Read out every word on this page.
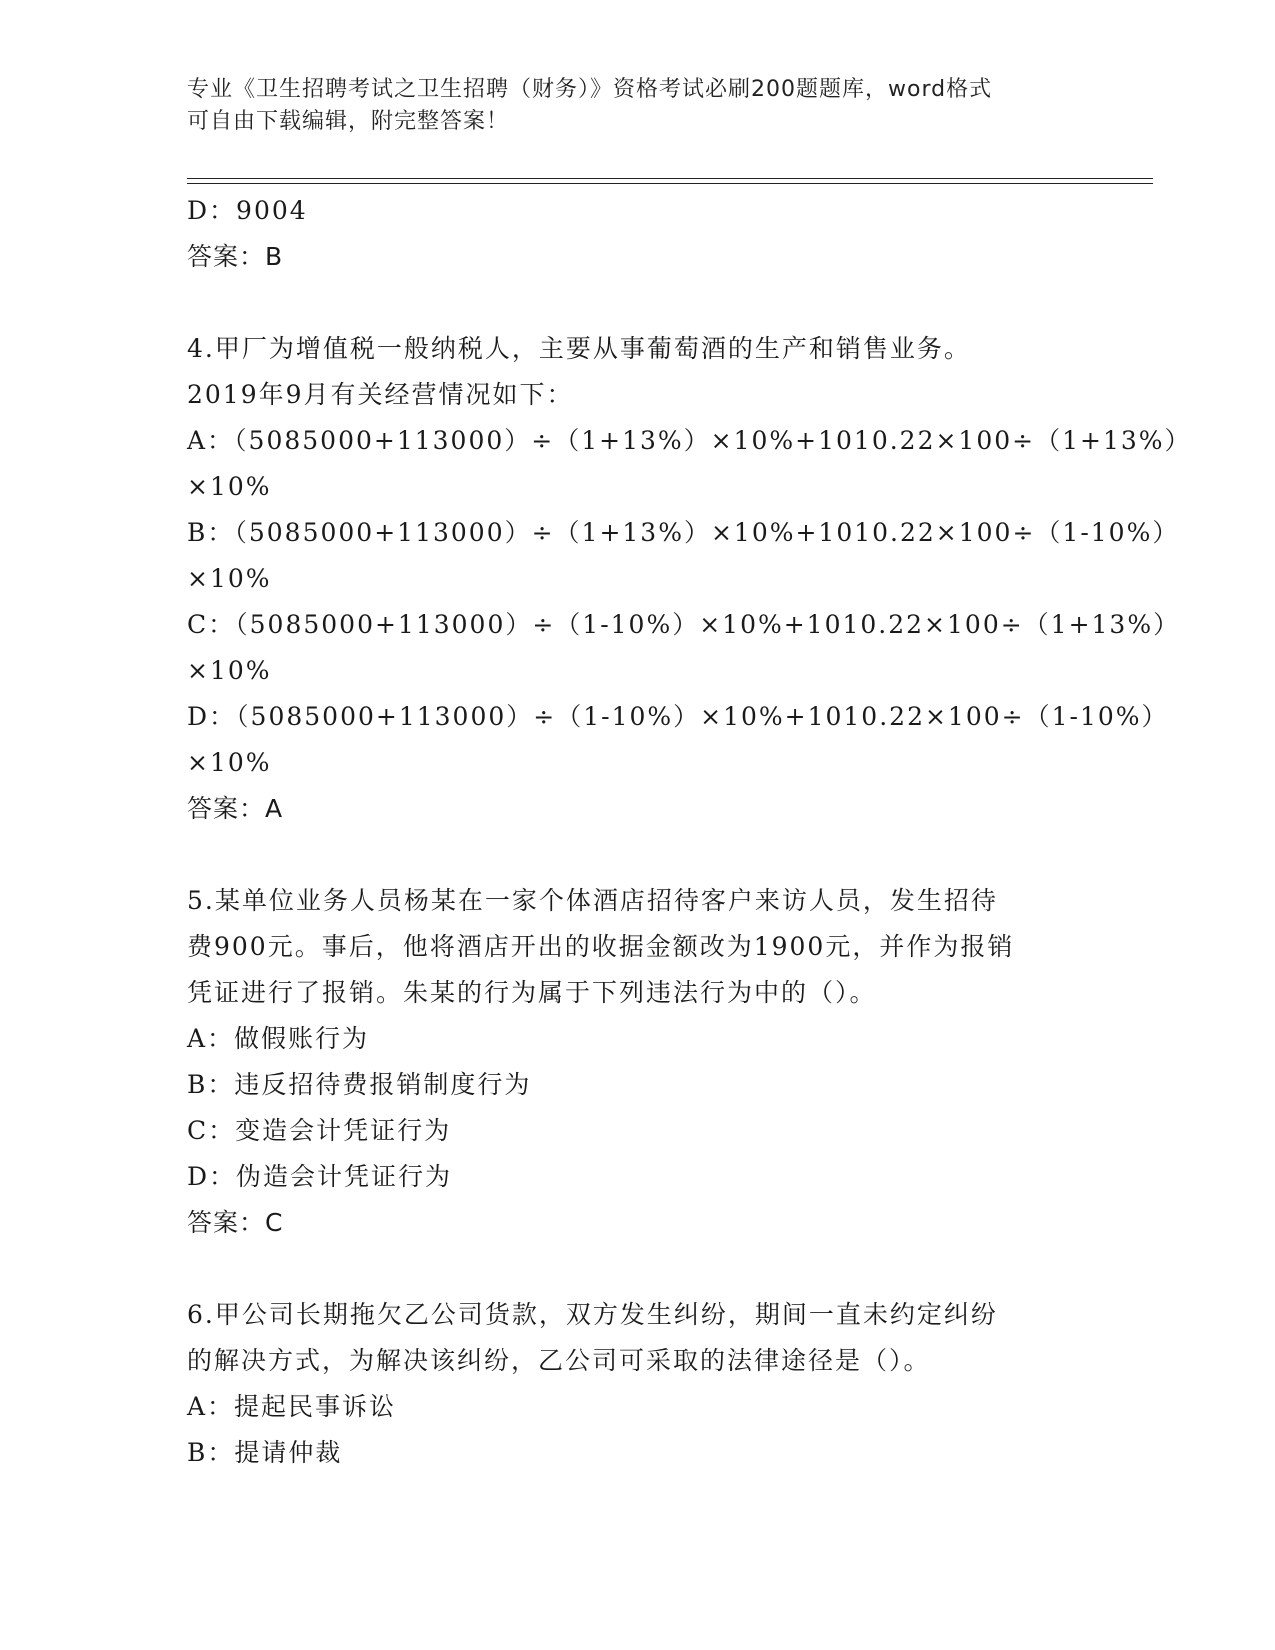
专业《卫生招聘考试之卫生招聘（财务）》资格考试必刷200题题库，word格式
可自由下载编辑，附完整答案！
D：9004
答案：B
4.甲厂为增值税一般纳税人，主要从事葡萄酒的生产和销售业务。
2019年9月有关经营情况如下：
A：（5085000+113000）÷（1+13%）×10%+1010.22×100÷（1+13%）
×10%
B：（5085000+113000）÷（1+13%）×10%+1010.22×100÷（1-10%）
×10%
C：（5085000+113000）÷（1-10%）×10%+1010.22×100÷（1+13%）
×10%
D：（5085000+113000）÷（1-10%）×10%+1010.22×100÷（1-10%）
×10%
答案：A
5.某单位业务人员杨某在一家个体酒店招待客户来访人员，发生招待
费900元。事后，他将酒店开出的收据金额改为1900元，并作为报销
凭证进行了报销。朱某的行为属于下列违法行为中的（）。
A：做假账行为
B：违反招待费报销制度行为
C：变造会计凭证行为
D：伪造会计凭证行为
答案：C
6.甲公司长期拖欠乙公司货款，双方发生纠纷，期间一直未约定纠纷
的解决方式，为解决该纠纷，乙公司可采取的法律途径是（）。
A：提起民事诉讼
B：提请仲裁
